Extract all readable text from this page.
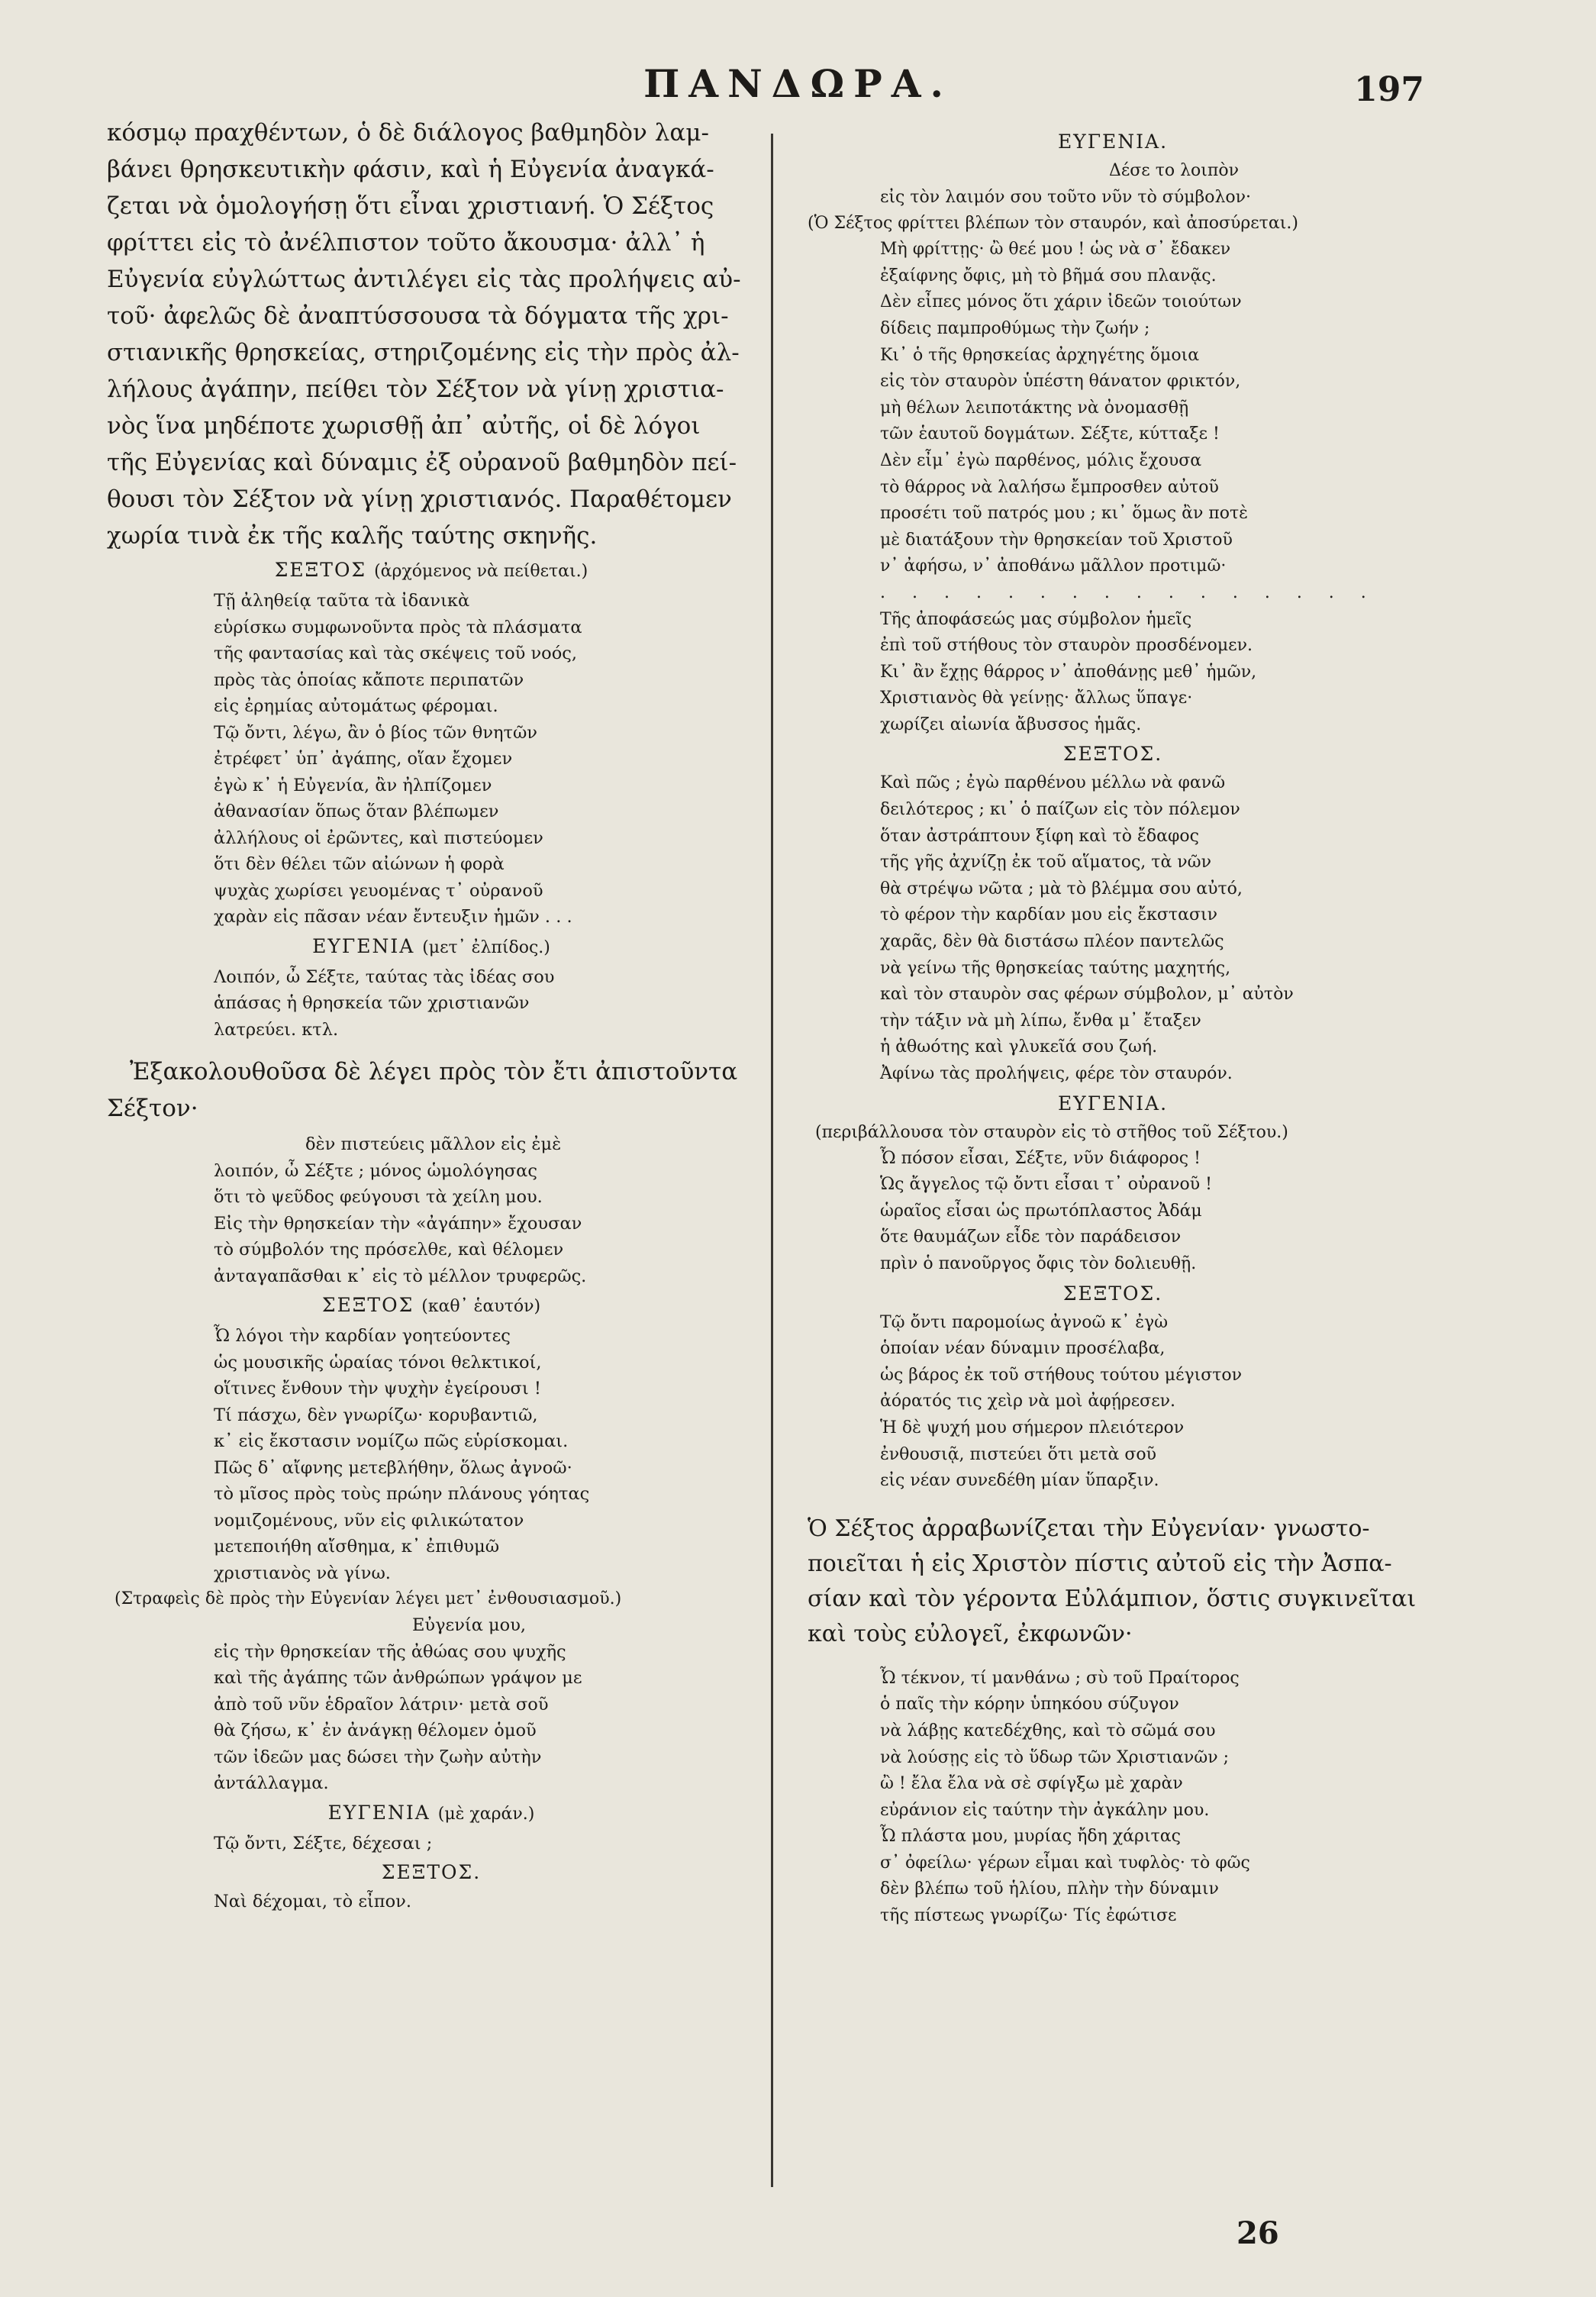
ΠΑΝΔΩΡΑ.	197
κόσμῳ πραχθέντων, ὁ δὲ διάλογος βαθμηδὸν λαμ-
βάνει θρησκευτικὴν φάσιν, καὶ ἡ Εὐγενία ἀναγκά-
ζεται νὰ ὁμολογήσῃ ὅτι εἶναι χριστιανή. Ὁ Σέξτος
φρίττει εἰς τὸ ἀνέλπιστον τοῦτο ἄκουσμα· ἀλλ᾽ ἡ
Εὐγενία εὐγλώττως ἀντιλέγει εἰς τὰς προλήψεις αὐ-
τοῦ· ἀφελῶς δὲ ἀναπτύσσουσα τὰ δόγματα τῆς χρι-
στιανικῆς θρησκείας, στηριζομένης εἰς τὴν πρὸς ἀλ-
λήλους ἀγάπην, πείθει τὸν Σέξτον νὰ γίνῃ χριστια-
νὸς ἵνα μηδέποτε χωρισθῇ ἀπ᾽ αὐτῆς, οἱ δὲ λόγοι
τῆς Εὐγενίας καὶ δύναμις ἐξ οὐρανοῦ βαθμηδὸν πεί-
θουσι τὸν Σέξτον νὰ γίνῃ χριστιανός. Παραθέτομεν
χωρία τινὰ ἐκ τῆς καλῆς ταύτης σκηνῆς.
ΣΕΞΤΟΣ (ἀρχόμενος νὰ πείθεται.)
Τῇ ἀληθείᾳ ταῦτα τὰ ἰδανικὰ
εὑρίσκω συμφωνοῦντα πρὸς τὰ πλάσματα
τῆς φαντασίας καὶ τὰς σκέψεις τοῦ νοός,
πρὸς τὰς ὁποίας κἄποτε περιπατῶν
εἰς ἐρημίας αὐτομάτως φέρομαι.
Τῷ ὄντι, λέγω, ἂν ὁ βίος τῶν θνητῶν
ἐτρέφετ᾽ ὑπ᾽ ἀγάπης, οἵαν ἔχομεν
ἐγὼ κ᾽ ἡ Εὐγενία, ἂν ἠλπίζομεν
ἀθανασίαν ὅπως ὅταν βλέπωμεν
ἀλλήλους οἱ ἐρῶντες, καὶ πιστεύομεν
ὅτι δὲν θέλει τῶν αἰώνων ἡ φορὰ
ψυχὰς χωρίσει γευομένας τ᾽ οὐρανοῦ
χαρὰν εἰς πᾶσαν νέαν ἔντευξιν ἡμῶν . . .
ΕΥΓΕΝΙΑ (μετ᾽ ἐλπίδος.)
Λοιπόν, ὦ Σέξτε, ταύτας τὰς ἰδέας σου
ἁπάσας ἡ θρησκεία τῶν χριστιανῶν
λατρεύει. κτλ.
Ἐξακολουθοῦσα δὲ λέγει πρὸς τὸν ἔτι ἀπιστοῦντα
Σέξτον·
δὲν πιστεύεις μᾶλλον εἰς ἐμὲ
λοιπόν, ὦ Σέξτε ; μόνος ὡμολόγησας
ὅτι τὸ ψεῦδος φεύγουσι τὰ χείλη μου.
Εἰς τὴν θρησκείαν τὴν «ἀγάπην» ἔχουσαν
τὸ σύμβολόν της πρόσελθε, καὶ θέλομεν
ἀνταγαπᾶσθαι κ᾽ εἰς τὸ μέλλον τρυφερῶς.
ΣΕΞΤΟΣ (καθ᾽ ἑαυτόν)
Ὦ λόγοι τὴν καρδίαν γοητεύοντες
ὡς μουσικῆς ὡραίας τόνοι θελκτικοί,
οἵτινες ἔνθουν τὴν ψυχὴν ἐγείρουσι !
Τί πάσχω, δὲν γνωρίζω· κορυβαντιῶ,
κ᾽ εἰς ἔκστασιν νομίζω πῶς εὑρίσκομαι.
Πῶς δ᾽ αἴφνης μετεβλήθην, ὅλως ἀγνοῶ·
τὸ μῖσος πρὸς τοὺς πρώην πλάνους γόητας
νομιζομένους, νῦν εἰς φιλικώτατον
μετεποιήθη αἴσθημα, κ᾽ ἐπιθυμῶ
χριστιανὸς νὰ γίνω.
(Στραφεὶς δὲ πρὸς τὴν Εὐγενίαν λέγει μετ᾽ ἐνθουσιασμοῦ.)
Εὐγενία μου,
εἰς τὴν θρησκείαν τῆς ἀθώας σου ψυχῆς
καὶ τῆς ἀγάπης τῶν ἀνθρώπων γράψον με
ἀπὸ τοῦ νῦν ἑδραῖον λάτριν· μετὰ σοῦ
θὰ ζήσω, κ᾽ ἐν ἀνάγκῃ θέλομεν ὁμοῦ
τῶν ἰδεῶν μας δώσει τὴν ζωὴν αὐτὴν
ἀντάλλαγμα.
ΕΥΓΕΝΙΑ (μὲ χαράν.)
Τῷ ὄντι, Σέξτε, δέχεσαι ;
ΣΕΞΤΟΣ.
Ναὶ δέχομαι, τὸ εἶπον.
ΕΥΓΕΝΙΑ.
Δέσε το λοιπὸν
εἰς τὸν λαιμόν σου τοῦτο νῦν τὸ σύμβολον·
(Ὁ Σέξτος φρίττει βλέπων τὸν σταυρόν, καὶ ἀποσύρεται.)
Μὴ φρίττῃς· ὢ θεέ μου ! ὡς νὰ σ᾽ ἔδακεν
ἐξαίφνης ὄφις, μὴ τὸ βῆμά σου πλανᾷς.
Δὲν εἶπες μόνος ὅτι χάριν ἰδεῶν τοιούτων
δίδεις παμπροθύμως τὴν ζωήν ;
Κι᾽ ὁ τῆς θρησκείας ἀρχηγέτης ὅμοια
εἰς τὸν σταυρὸν ὑπέστη θάνατον φρικτόν,
μὴ θέλων λειποτάκτης νὰ ὀνομασθῇ
τῶν ἑαυτοῦ δογμάτων. Σέξτε, κύτταξε !
Δὲν εἶμ᾽ ἐγὼ παρθένος, μόλις ἔχουσα
τὸ θάρρος νὰ λαλήσω ἔμπροσθεν αὐτοῦ
προσέτι τοῦ πατρός μου ; κι᾽ ὅμως ἂν ποτὲ
μὲ διατάξουν τὴν θρησκείαν τοῦ Χριστοῦ
ν᾽ ἀφήσω, ν᾽ ἀποθάνω μᾶλλον προτιμῶ·
. . . . . . . . . . . . . . . .
Τῆς ἀποφάσεώς μας σύμβολον ἡμεῖς
ἐπὶ τοῦ στήθους τὸν σταυρὸν προσδένομεν.
Κι᾽ ἂν ἔχῃς θάρρος ν᾽ ἀποθάνῃς μεθ᾽ ἡμῶν,
Χριστιανὸς θὰ γείνῃς· ἄλλως ὕπαγε·
χωρίζει αἰωνία ἄβυσσος ἡμᾶς.
ΣΕΞΤΟΣ.
Καὶ πῶς ; ἐγὼ παρθένου μέλλω νὰ φανῶ
δειλότερος ; κι᾽ ὁ παίζων εἰς τὸν πόλεμον
ὅταν ἀστράπτουν ξίφη καὶ τὸ ἔδαφος
τῆς γῆς ἀχνίζῃ ἐκ τοῦ αἵματος, τὰ νῶν
θὰ στρέψω νῶτα ; μὰ τὸ βλέμμα σου αὐτό,
τὸ φέρον τὴν καρδίαν μου εἰς ἔκστασιν
χαρᾶς, δὲν θὰ διστάσω πλέον παντελῶς
νὰ γείνω τῆς θρησκείας ταύτης μαχητής,
καὶ τὸν σταυρὸν σας φέρων σύμβολον, μ᾽ αὐτὸν
τὴν τάξιν νὰ μὴ λίπω, ἔνθα μ᾽ ἔταξεν
ἡ ἀθωότης καὶ γλυκεῖά σου ζωή.
Ἀφίνω τὰς προλήψεις, φέρε τὸν σταυρόν.
ΕΥΓΕΝΙΑ.
(περιβάλλουσα τὸν σταυρὸν εἰς τὸ στῆθος τοῦ Σέξτου.)
Ὦ πόσον εἶσαι, Σέξτε, νῦν διάφορος !
Ὡς ἄγγελος τῷ ὄντι εἶσαι τ᾽ οὐρανοῦ !
ὡραῖος εἶσαι ὡς πρωτόπλαστος Ἀδάμ
ὅτε θαυμάζων εἶδε τὸν παράδεισον
πρὶν ὁ πανοῦργος ὄφις τὸν δολιευθῇ.
ΣΕΞΤΟΣ.
Τῷ ὄντι παρομοίως ἀγνοῶ κ᾽ ἐγὼ
ὁποίαν νέαν δύναμιν προσέλαβα,
ὡς βάρος ἐκ τοῦ στήθους τούτου μέγιστον
ἀόρατός τις χεὶρ νὰ μοὶ ἀφῄρεσεν.
Ἡ δὲ ψυχή μου σήμερον πλειότερον
ἐνθουσιᾷ, πιστεύει ὅτι μετὰ σοῦ
εἰς νέαν συνεδέθη μίαν ὕπαρξιν.
Ὁ Σέξτος ἀρραβωνίζεται τὴν Εὐγενίαν· γνωστο-
ποιεῖται ἡ εἰς Χριστὸν πίστις αὐτοῦ εἰς τὴν Ἀσπα-
σίαν καὶ τὸν γέροντα Εὐλάμπιον, ὅστις συγκινεῖται
καὶ τοὺς εὐλογεῖ, ἐκφωνῶν·
Ὦ τέκνον, τί μανθάνω ; σὺ τοῦ Πραίτορος
ὁ παῖς τὴν κόρην ὑπηκόου σύζυγον
νὰ λάβῃς κατεδέχθης, καὶ τὸ σῶμά σου
νὰ λούσῃς εἰς τὸ ὕδωρ τῶν Χριστιανῶν ;
ὢ ! ἔλα ἔλα νὰ σὲ σφίγξω μὲ χαρὰν
εὐράνιον εἰς ταύτην τὴν ἀγκάλην μου.
Ὦ πλάστα μου, μυρίας ἤδη χάριτας
σ᾽ ὀφείλω· γέρων εἶμαι καὶ τυφλὸς· τὸ φῶς
δὲν βλέπω τοῦ ἡλίου, πλὴν τὴν δύναμιν
τῆς πίστεως γνωρίζω· Τίς ἐφώτισε
26
